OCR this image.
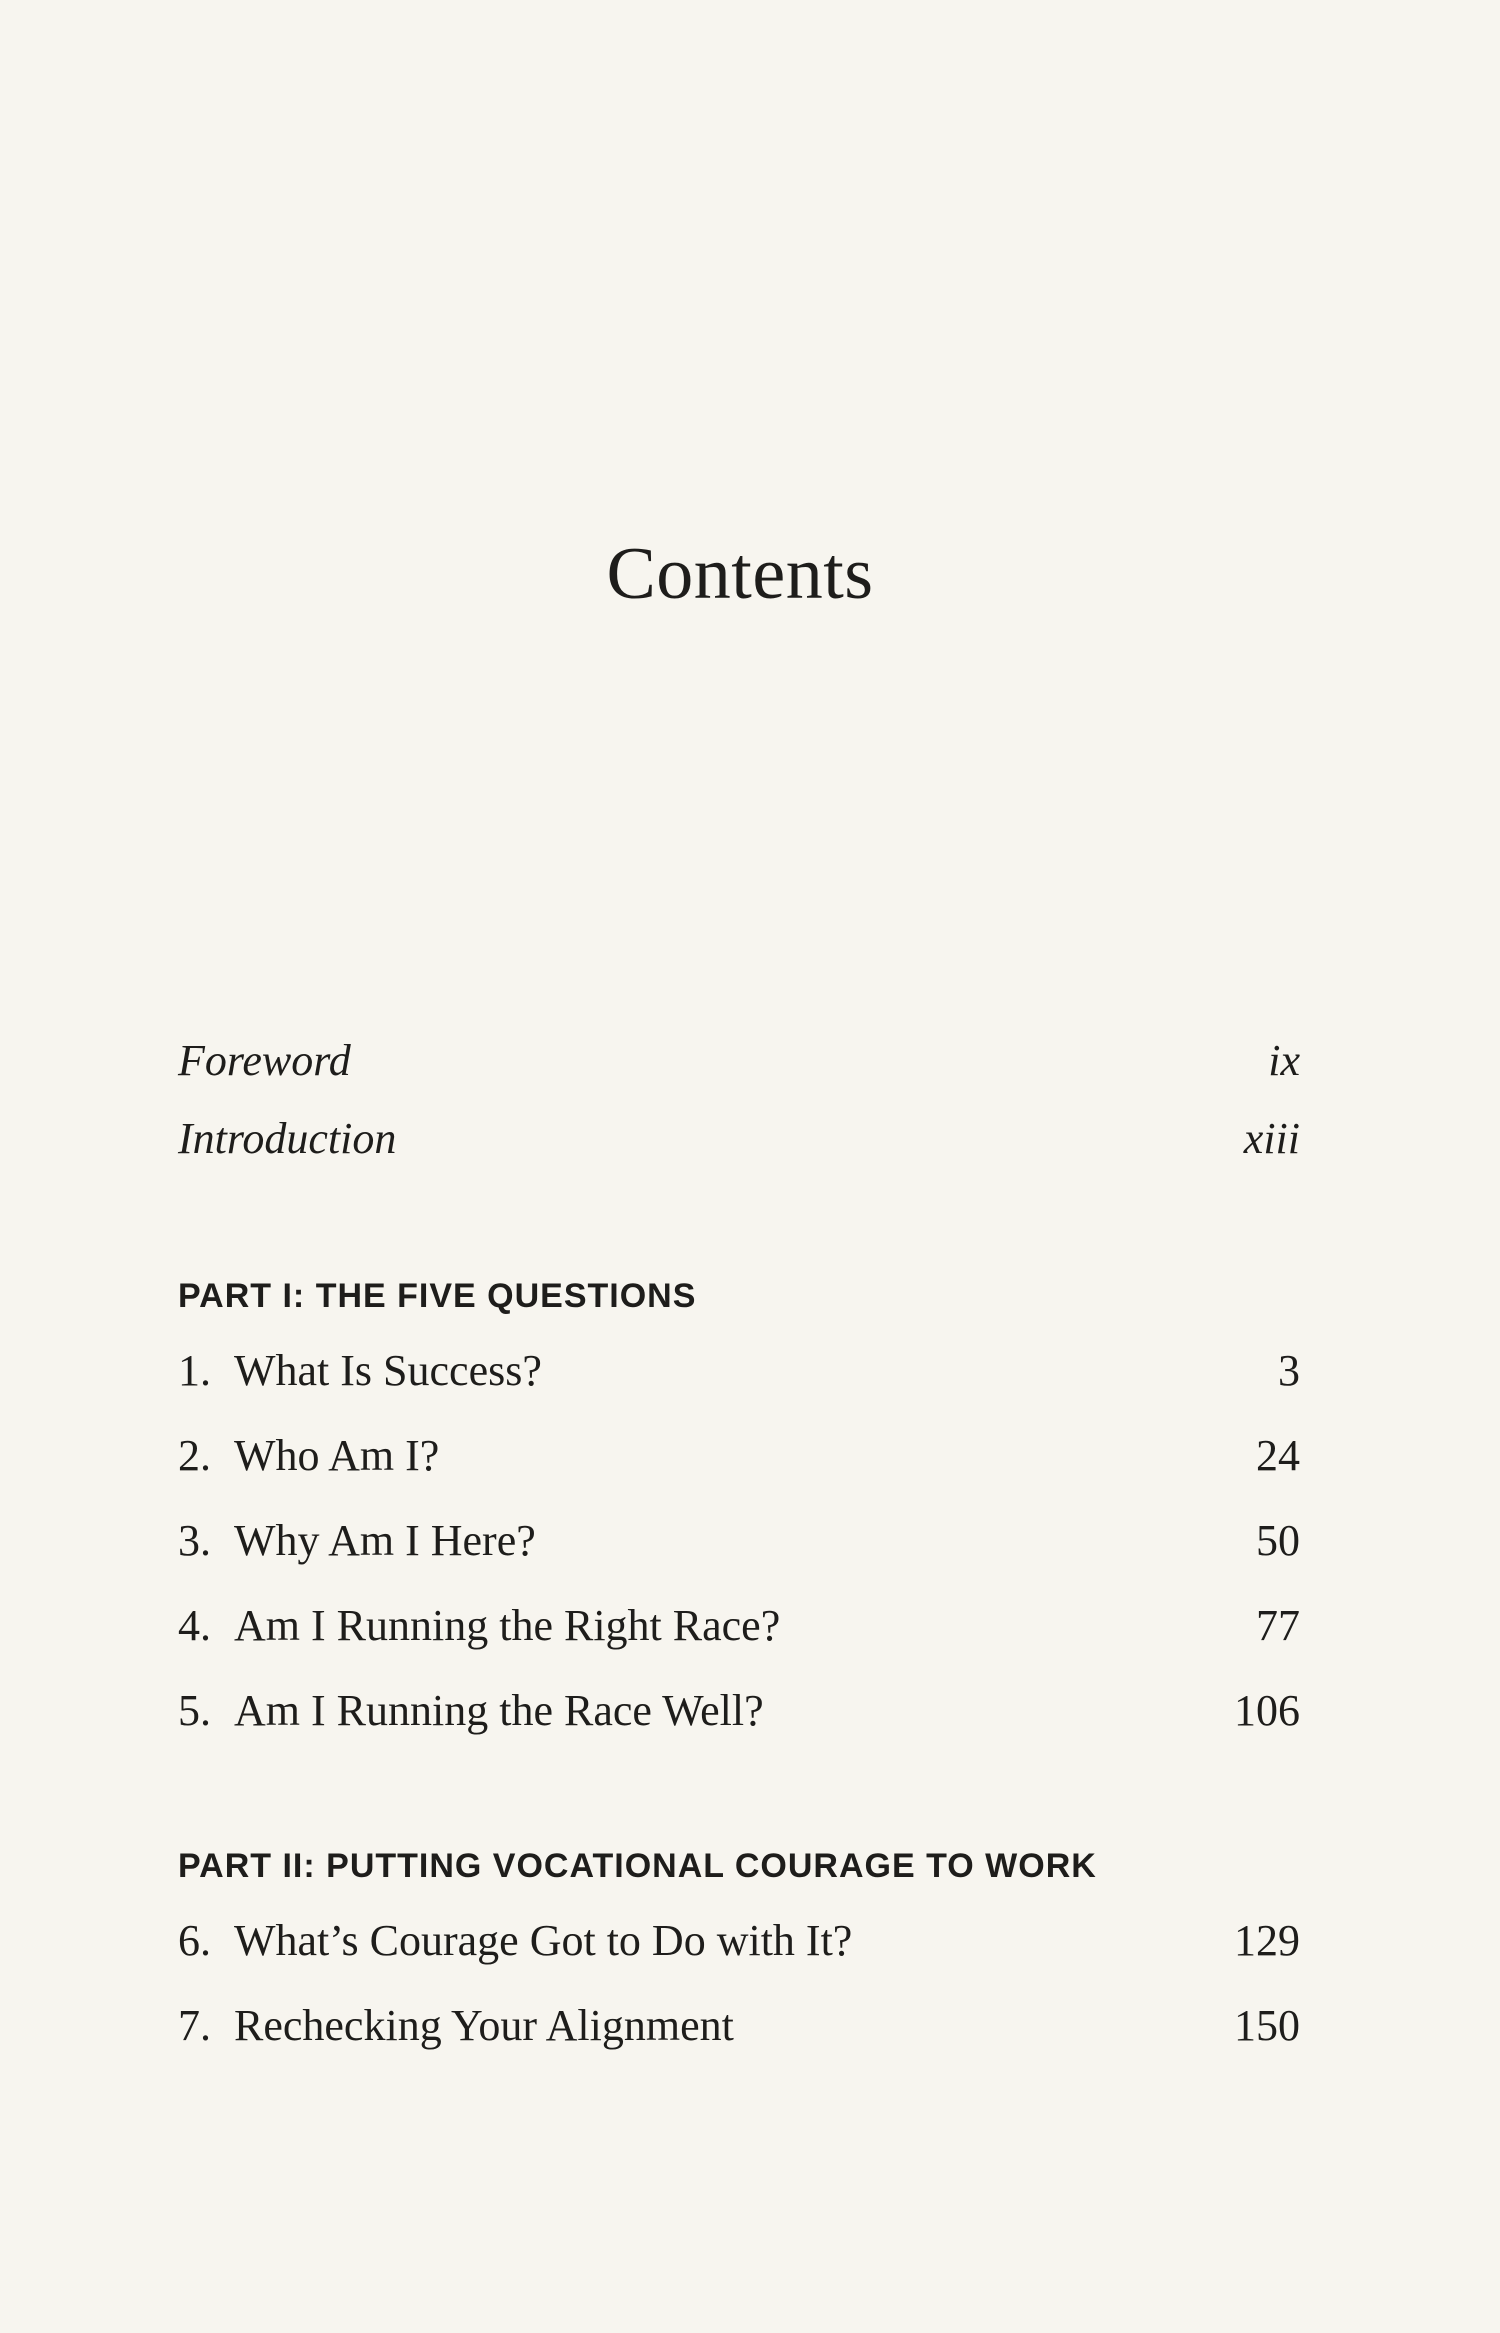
Contents
Foreword	ix
Introduction	xiii
PART I: THE FIVE QUESTIONS
1. What Is Success?	3
2. Who Am I?	24
3. Why Am I Here?	50
4. Am I Running the Right Race?	77
5. Am I Running the Race Well?	106
PART II: PUTTING VOCATIONAL COURAGE TO WORK
6. What’s Courage Got to Do with It?	129
7. Rechecking Your Alignment	150
